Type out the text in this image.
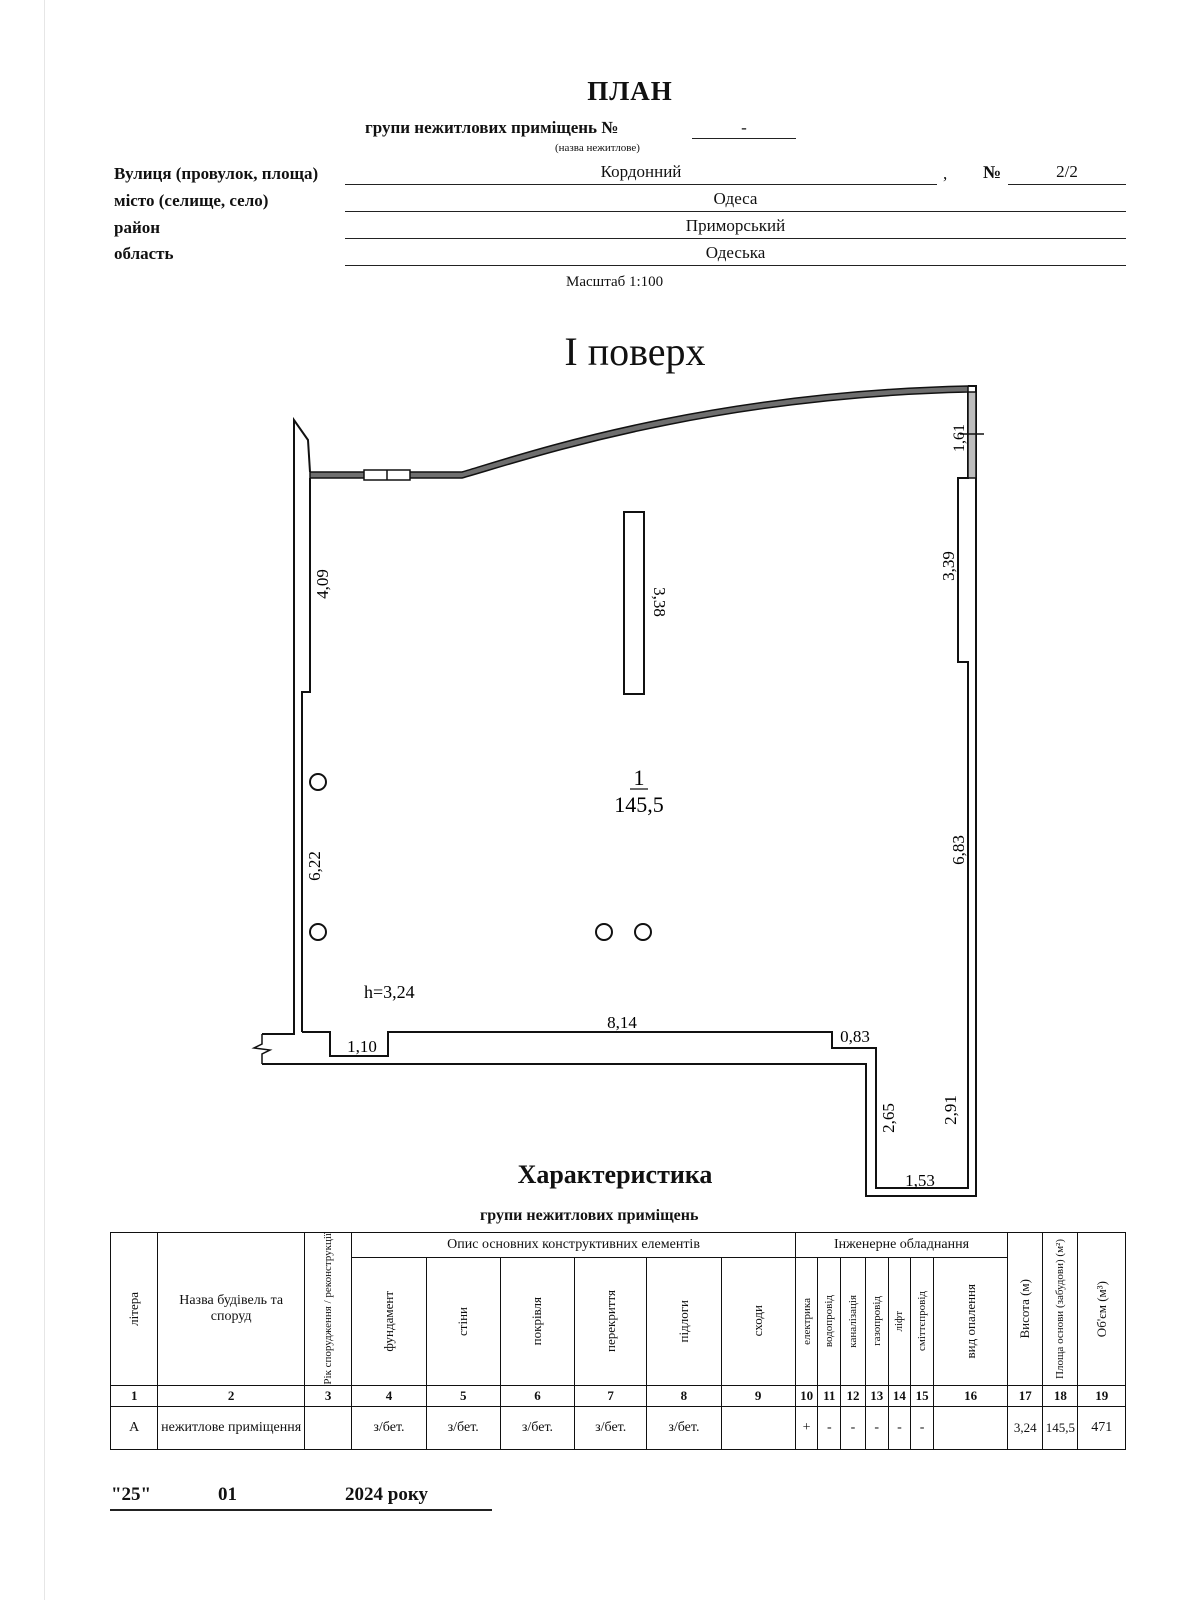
ПЛАН
групи нежитлових приміщень №	-
(назва нежитлове)
Вулиця (провулок, площа)	Кордонний	, №	2/2
місто (селище, село)	Одеса
район	Приморський
область	Одеська
Масштаб 1:100
І поверх
1
145,5
h=3,24
4,09
6,22
1,61
3,39
6,83
3,38
8,14
1,10
0,83
2,65	2,91
1,53
Характеристика
групи нежитлових приміщень
літера	Назва будівель та споруд	Рік спорудження / реконструкції	Опис основних конструктивних елементів						Інженерне обладнання							Висота (м)	Площа основи (забудови) (м²)	Об'єм (м³)

			фундамент	стіни	покрівля	перекриття	підлоги	сходи	електрика	водопровід	каналізація	газопровід	ліфт	сміттєпровід	вид опалення			

1	2	3	4	5	6	7	8	9	10	11	12	13	14	15	16	17	18	19
А	нежитлове приміщення		з/бет.	з/бет.	з/бет.	з/бет.	з/бет.		+	-	-	-	-	-		3,24	145,5	471
"25"	01	2024 року
